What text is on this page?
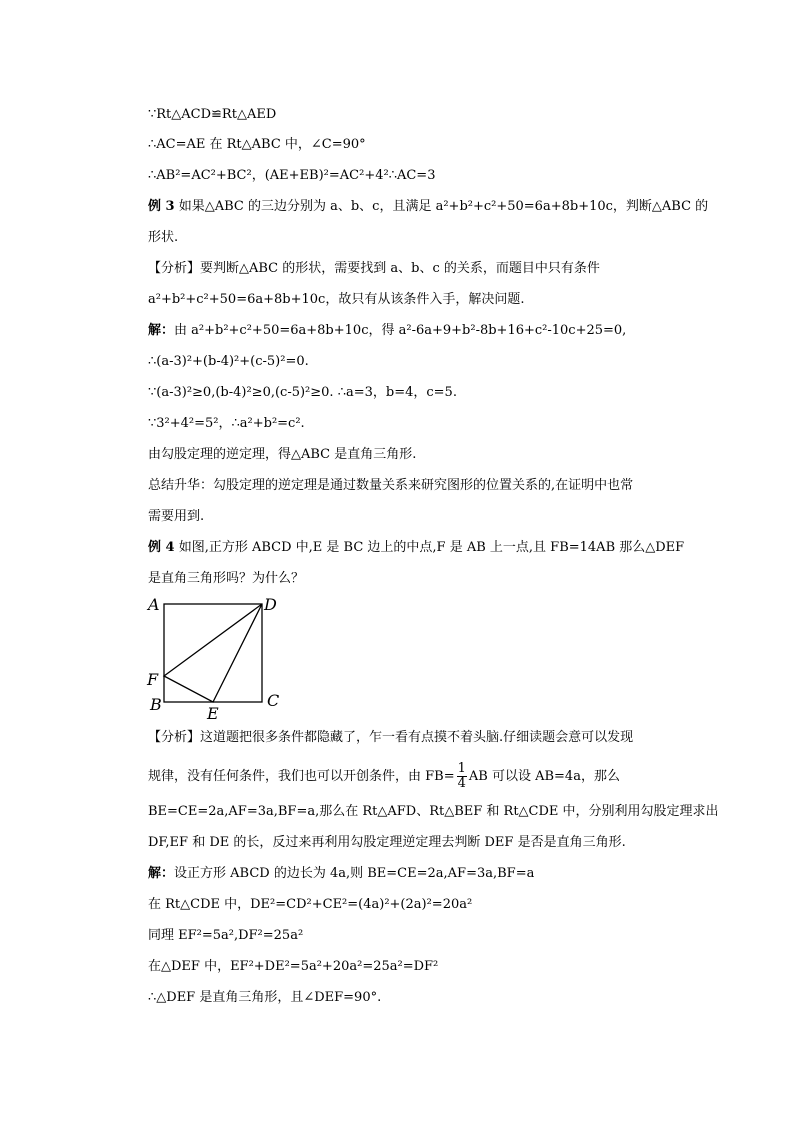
∵Rt△ACD≌Rt△AED
∴AC=AE 在 Rt△ABC 中，∠C=90°
∴AB²=AC²+BC²，(AE+EB)²=AC²+4²∴AC=3
例 3 如果△ABC 的三边分别为 a、b、c，且满足 a²+b²+c²+50=6a+8b+10c，判断△ABC 的
形状.
【分析】要判断△ABC 的形状，需要找到 a、b、c 的关系，而题目中只有条件
a²+b²+c²+50=6a+8b+10c，故只有从该条件入手，解决问题.
解：由 a²+b²+c²+50=6a+8b+10c，得 a²-6a+9+b²-8b+16+c²-10c+25=0,
∴(a-3)²+(b-4)²+(c-5)²=0.
∵(a-3)²≥0,(b-4)²≥0,(c-5)²≥0. ∴a=3，b=4，c=5.
∵3²+4²=5²，∴a²+b²=c².
由勾股定理的逆定理，得△ABC 是直角三角形.
总结升华：勾股定理的逆定理是通过数量关系来研究图形的位置关系的,在证明中也常
需要用到.
例 4 如图,正方形 ABCD 中,E 是 BC 边上的中点,F 是 AB 上一点,且 FB=14AB 那么△DEF
是直角三角形吗？为什么？
A	D
F
B	C
E
【分析】这道题把很多条件都隐藏了，乍一看有点摸不着头脑.仔细读题会意可以发现
规律，没有任何条件，我们也可以开创条件，由 $FB= \frac{1}{4}$ AB 可以设 AB=4a，那么
BE=CE=2a,AF=3a,BF=a,那么在 Rt△AFD、Rt△BEF 和 Rt△CDE 中，分别利用勾股定理求出
DF,EF 和 DE 的长，反过来再利用勾股定理逆定理去判断 DEF 是否是直角三角形.
解：设正方形 ABCD 的边长为 4a,则 BE=CE=2a,AF=3a,BF=a
在 Rt△CDE 中，DE²=CD²+CE²=(4a)²+(2a)²=20a²
同理 EF²=5a²,DF²=25a²
在△DEF 中，EF²+DE²=5a²+20a²=25a²=DF²
∴△DEF 是直角三角形，且∠DEF=90°.
